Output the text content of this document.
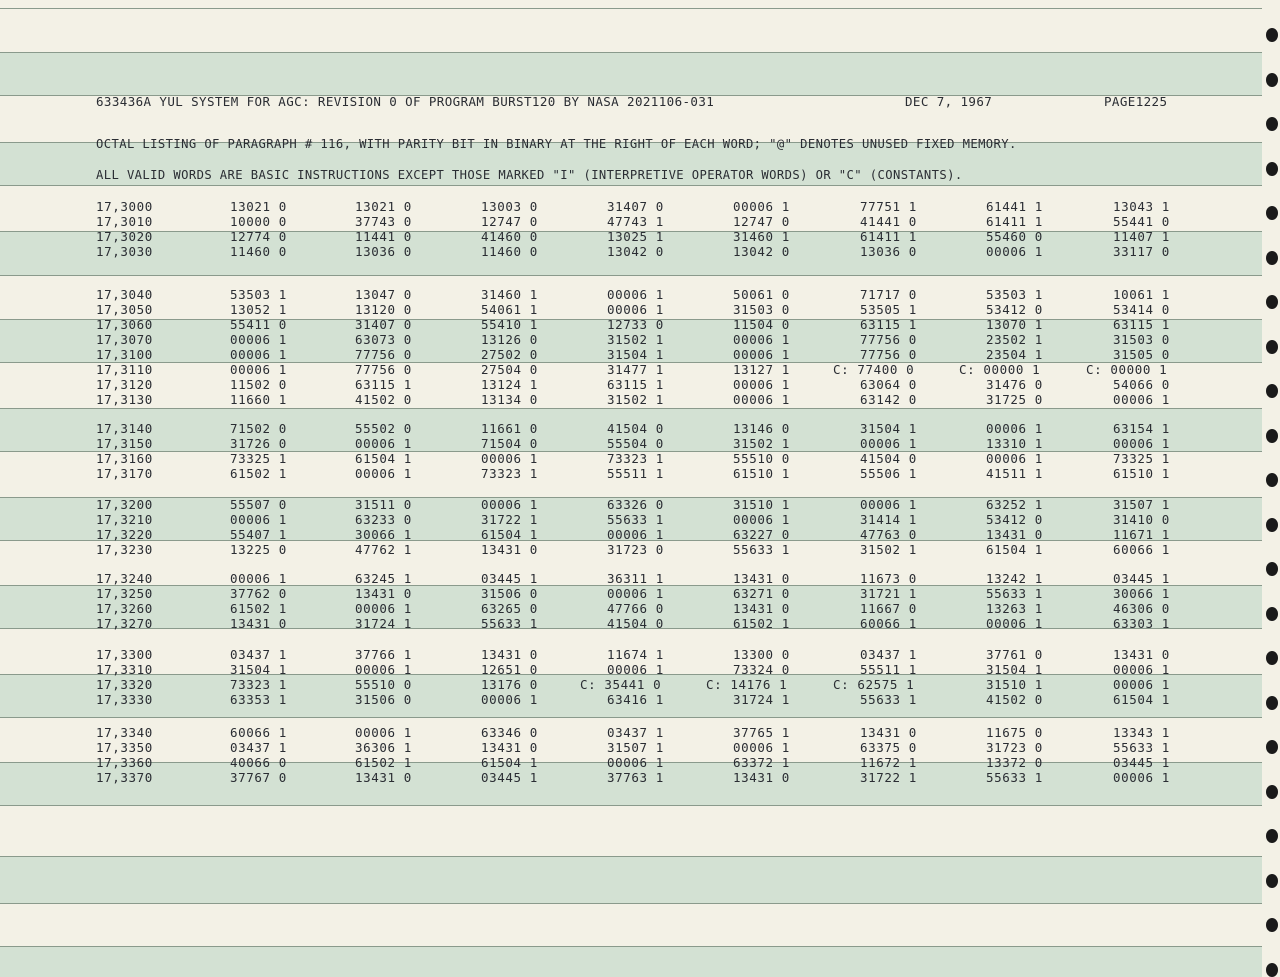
633436A YUL SYSTEM FOR AGC: REVISION 0 OF PROGRAM BURST120 BY NASA 2021106-031	DEC 7, 1967	PAGE1225
OCTAL LISTING OF PARAGRAPH # 116, WITH PARITY BIT IN BINARY AT THE RIGHT OF EACH WORD; "@" DENOTES UNUSED FIXED MEMORY.
ALL VALID WORDS ARE BASIC INSTRUCTIONS EXCEPT THOSE MARKED "I" (INTERPRETIVE OPERATOR WORDS) OR "C" (CONSTANTS).
17,3000	13021 0	13021 0	13003 0	31407 0	00006 1	77751 1	61441 1	13043 1
17,3010	10000 0	37743 0	12747 0	47743 1	12747 0	41441 0	61411 1	55441 0
17,3020	12774 0	11441 0	41460 0	13025 1	31460 1	61411 1	55460 0	11407 1
17,3030	11460 0	13036 0	11460 0	13042 0	13042 0	13036 0	00006 1	33117 0
17,3040	53503 1	13047 0	31460 1	00006 1	50061 0	71717 0	53503 1	10061 1
17,3050	13052 1	13120 0	54061 1	00006 1	31503 0	53505 1	53412 0	53414 0
17,3060	55411 0	31407 0	55410 1	12733 0	11504 0	63115 1	13070 1	63115 1
17,3070	00006 1	63073 0	13126 0	31502 1	00006 1	77756 0	23502 1	31503 0
17,3100	00006 1	77756 0	27502 0	31504 1	00006 1	77756 0	23504 1	31505 0
17,3110	00006 1	77756 0	27504 0	31477 1	13127 1	C: 77400 0	C: 00000 1	C: 00000 1
17,3120	11502 0	63115 1	13124 1	63115 1	00006 1	63064 0	31476 0	54066 0
17,3130	11660 1	41502 0	13134 0	31502 1	00006 1	63142 0	31725 0	00006 1
17,3140	71502 0	55502 0	11661 0	41504 0	13146 0	31504 1	00006 1	63154 1
17,3150	31726 0	00006 1	71504 0	55504 0	31502 1	00006 1	13310 1	00006 1
17,3160	73325 1	61504 1	00006 1	73323 1	55510 0	41504 0	00006 1	73325 1
17,3170	61502 1	00006 1	73323 1	55511 1	61510 1	55506 1	41511 1	61510 1
17,3200	55507 0	31511 0	00006 1	63326 0	31510 1	00006 1	63252 1	31507 1
17,3210	00006 1	63233 0	31722 1	55633 1	00006 1	31414 1	53412 0	31410 0
17,3220	55407 1	30066 1	61504 1	00006 1	63227 0	47763 0	13431 0	11671 1
17,3230	13225 0	47762 1	13431 0	31723 0	55633 1	31502 1	61504 1	60066 1
17,3240	00006 1	63245 1	03445 1	36311 1	13431 0	11673 0	13242 1	03445 1
17,3250	37762 0	13431 0	31506 0	00006 1	63271 0	31721 1	55633 1	30066 1
17,3260	61502 1	00006 1	63265 0	47766 0	13431 0	11667 0	13263 1	46306 0
17,3270	13431 0	31724 1	55633 1	41504 0	61502 1	60066 1	00006 1	63303 1
17,3300	03437 1	37766 1	13431 0	11674 1	13300 0	03437 1	37761 0	13431 0
17,3310	31504 1	00006 1	12651 0	00006 1	73324 0	55511 1	31504 1	00006 1
17,3320	73323 1	55510 0	13176 0	C: 35441 0	C: 14176 1	C: 62575 1	31510 1	00006 1
17,3330	63353 1	31506 0	00006 1	63416 1	31724 1	55633 1	41502 0	61504 1
17,3340	60066 1	00006 1	63346 0	03437 1	37765 1	13431 0	11675 0	13343 1
17,3350	03437 1	36306 1	13431 0	31507 1	00006 1	63375 0	31723 0	55633 1
17,3360	40066 0	61502 1	61504 1	00006 1	63372 1	11672 1	13372 0	03445 1
17,3370	37767 0	13431 0	03445 1	37763 1	13431 0	31722 1	55633 1	00006 1
